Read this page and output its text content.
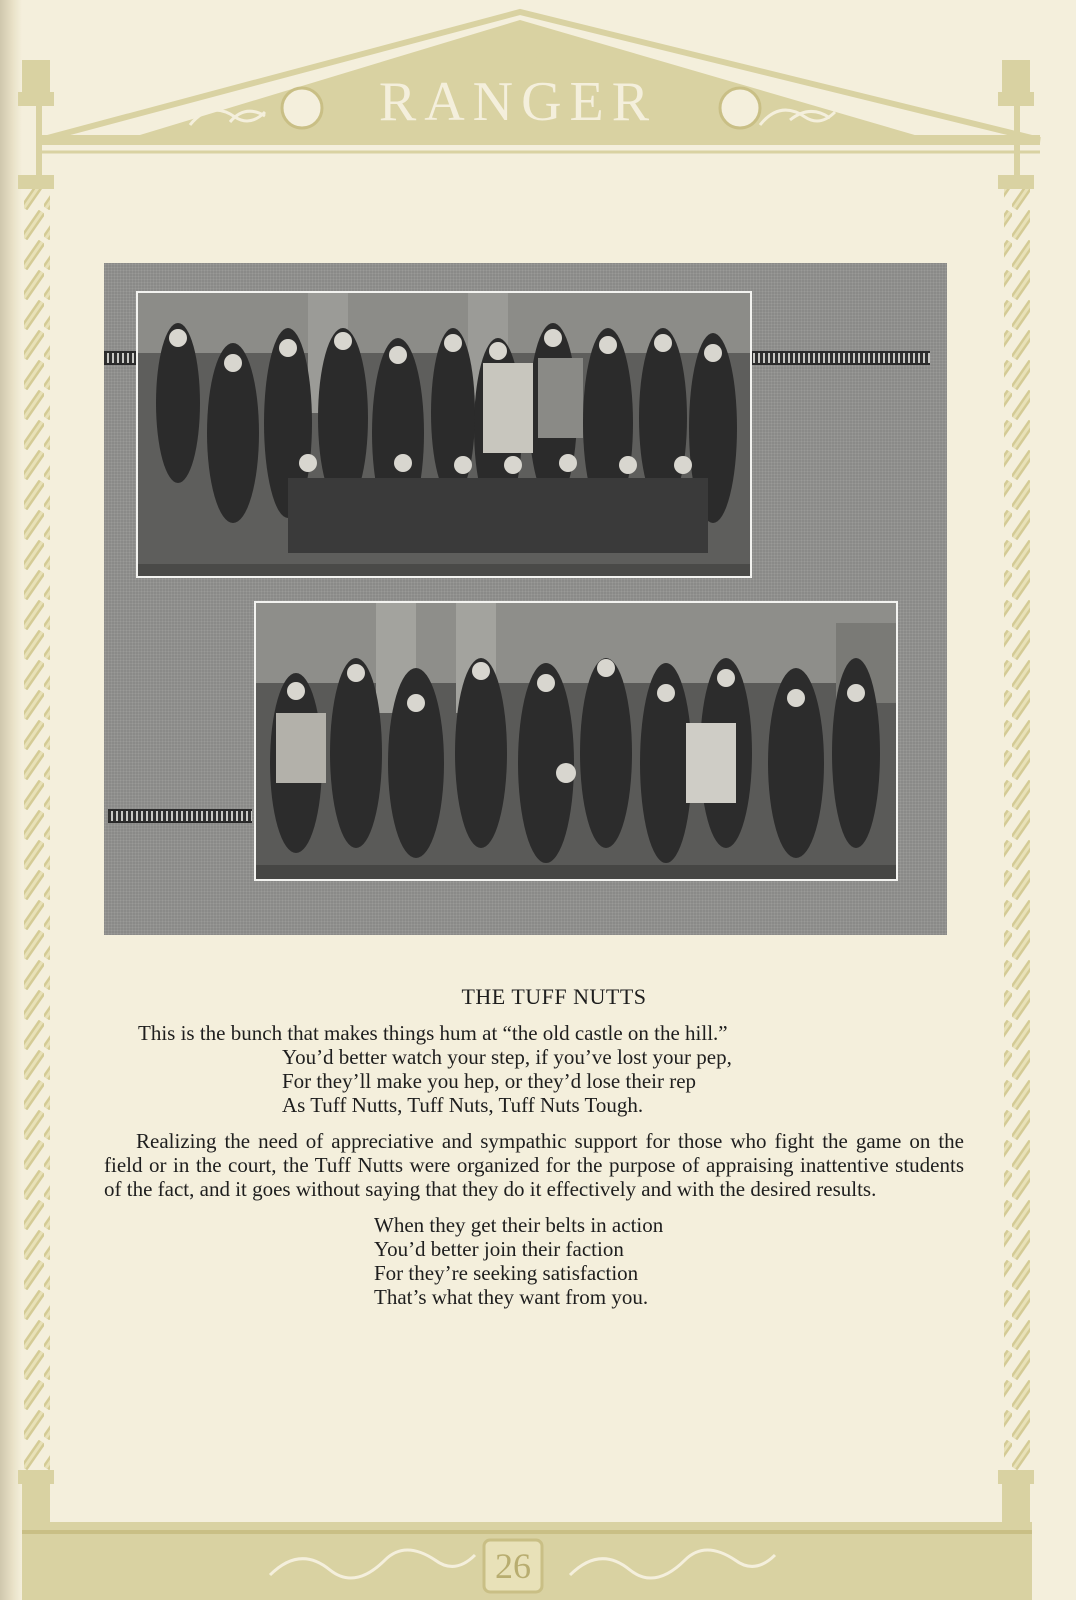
The
RANGER

THE TUFF NUTTS

This is the bunch that makes things hum at “the old castle on the hill.”

You’d better watch your step, if you’ve lost your pep,

For they’ll make you hep, or they’d lose their rep

As Tuff Nutts, Tuff Nuts, Tuff Nuts Tough.

Realizing the need of appreciative and sympathic support for those who fight the game on the field or in the court, the Tuff Nutts were organized for the purpose of appraising inattentive students of the fact, and it goes without saying that they do it effectively and with the desired results.

When they get their belts in action

You’d better join their faction

For they’re seeking satisfaction

That’s what they want from you.

26
